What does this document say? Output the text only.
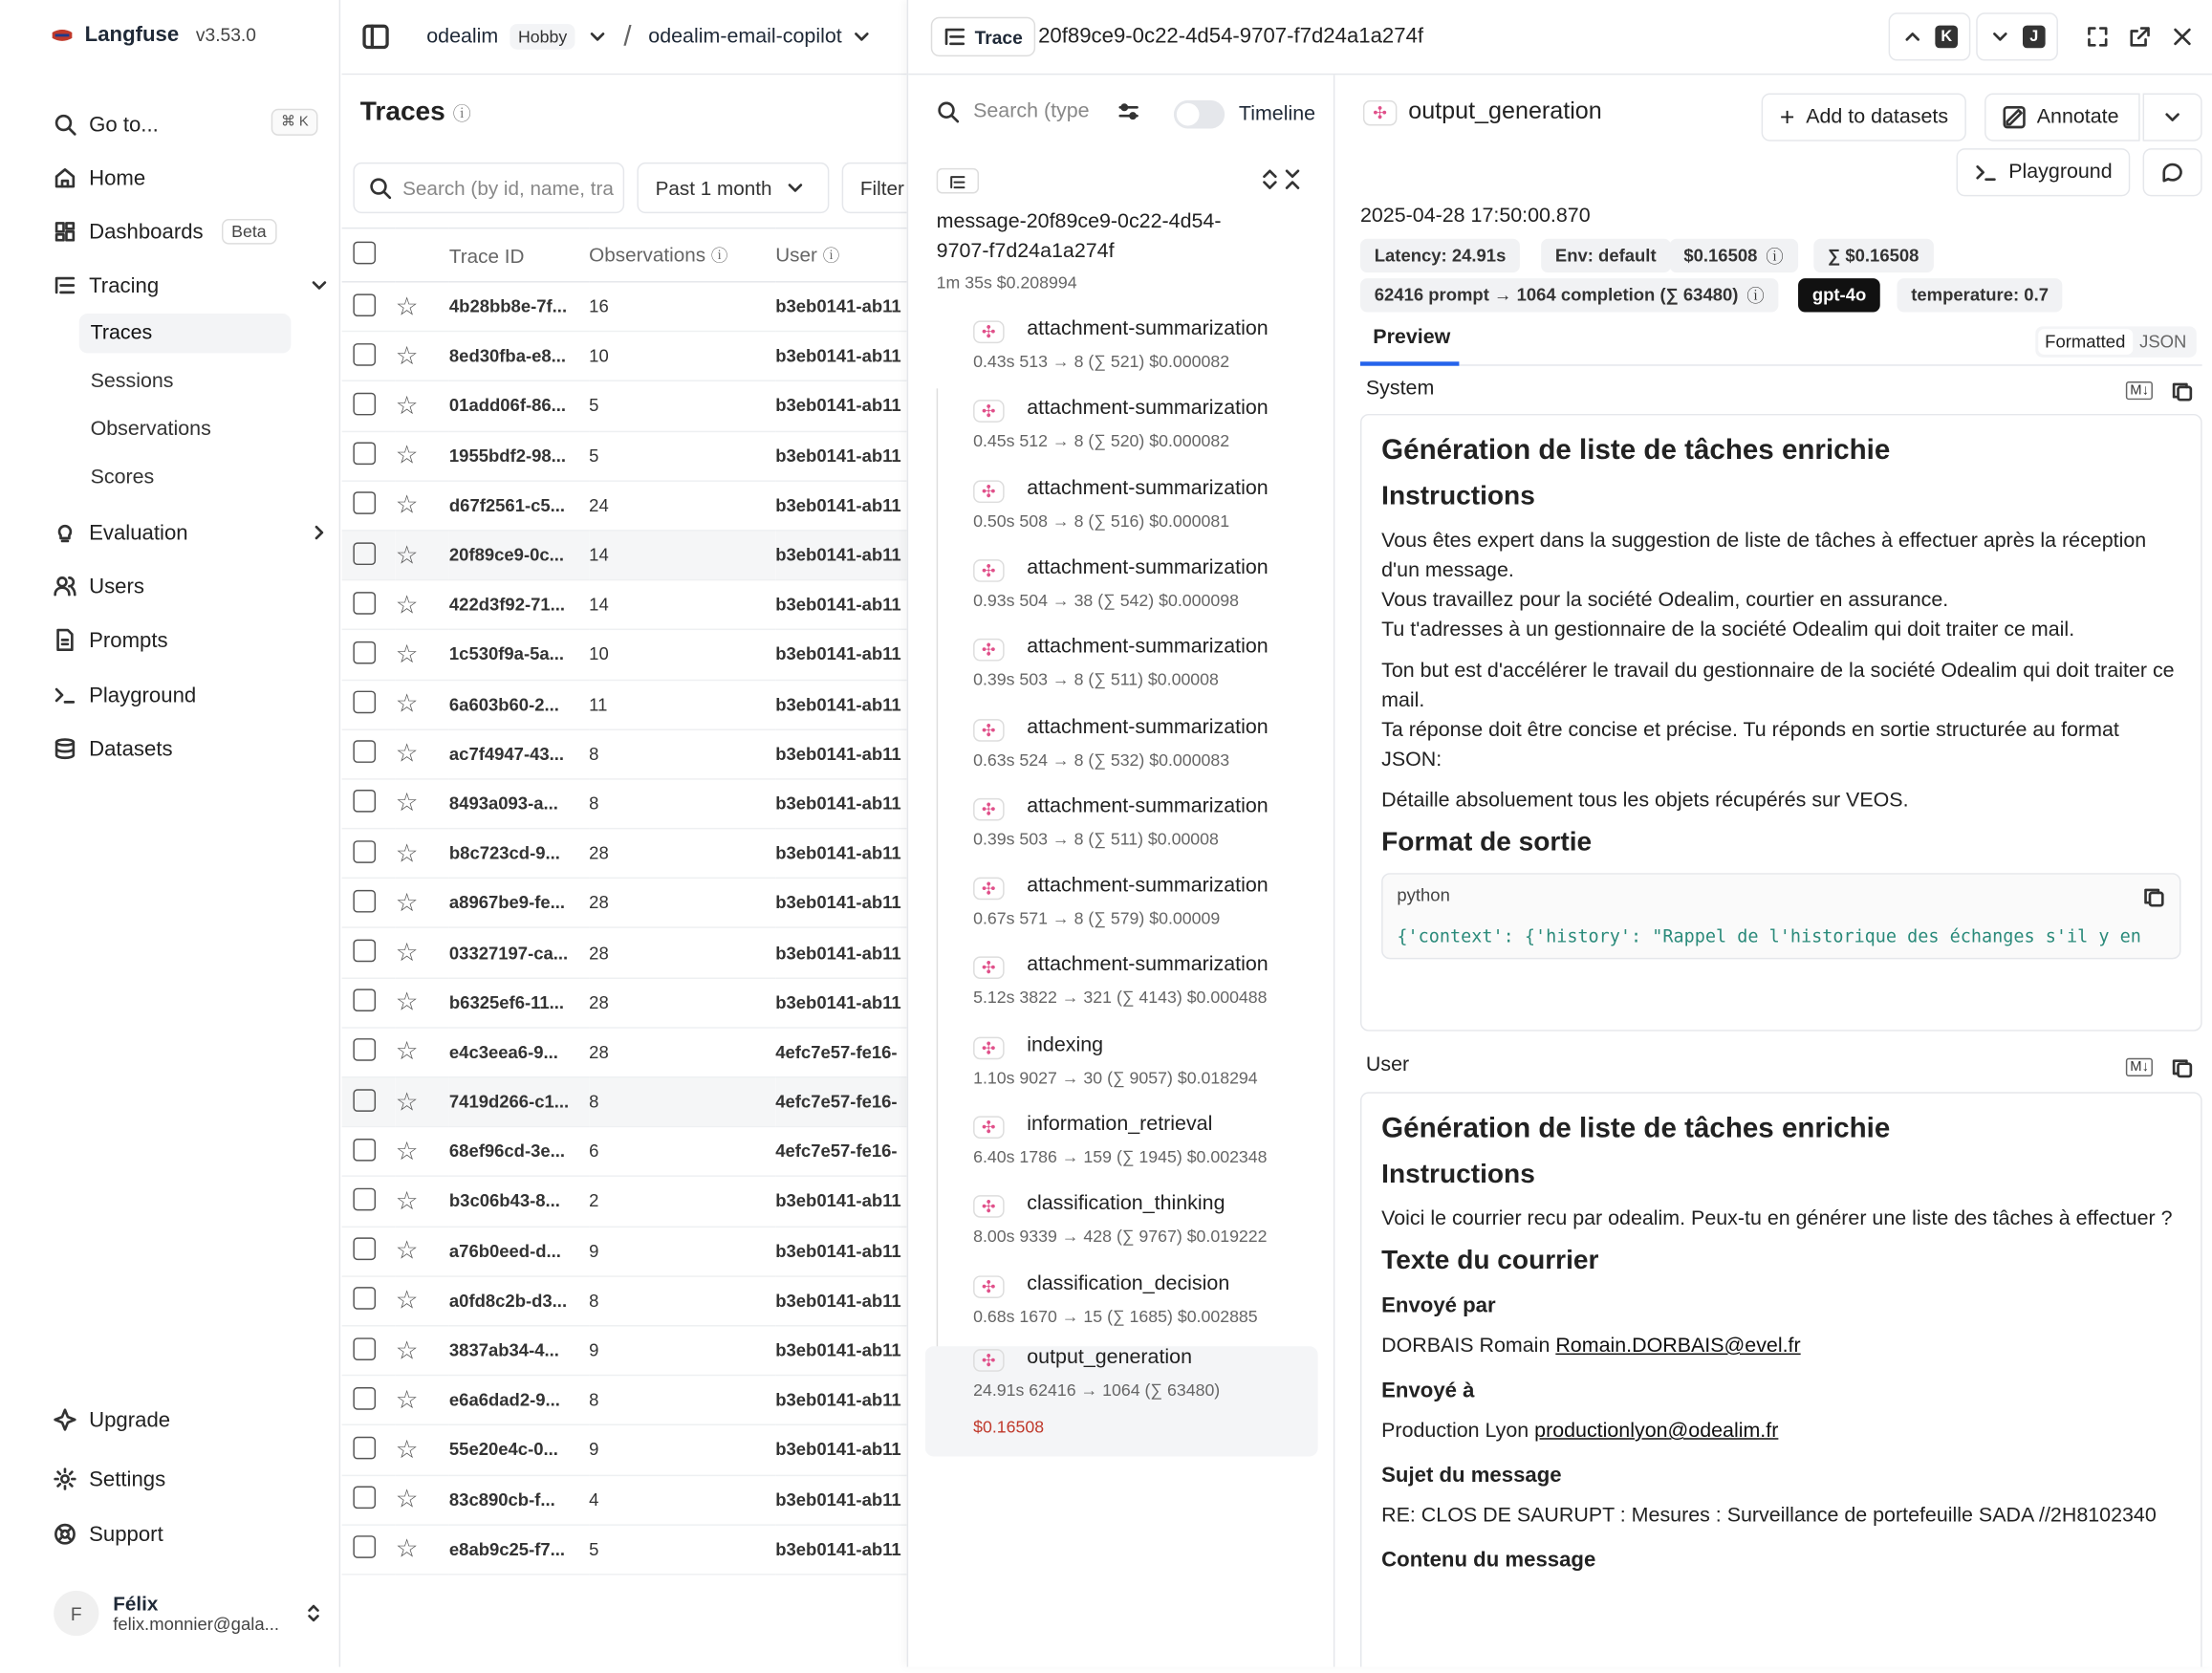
Langfuse v3.53.0
Go to...	⌘ K
Home
Dashboards	Beta
Tracing
Traces
Sessions
Observations
Scores
Evaluation
Users
Prompts
Playground
Datasets
Upgrade
Settings
Support
F	Félix
felix.monnier@gala...
odealim	Hobby	/ odealim-email-copilot
Traces ⓘ
Search (by id, name, tra	Past 1 month	Filter
		Trace ID	Observations ⓘ	User ⓘ
	☆	4b28bb8e-7f...	16	b3eb0141-ab11
	☆	8ed30fba-e8...	10	b3eb0141-ab11
	☆	01add06f-86...	5	b3eb0141-ab11
	☆	1955bdf2-98...	5	b3eb0141-ab11
	☆	d67f2561-c5...	24	b3eb0141-ab11
	☆	20f89ce9-0c...	14	b3eb0141-ab11
	☆	422d3f92-71...	14	b3eb0141-ab11
	☆	1c530f9a-5a...	10	b3eb0141-ab11
	☆	6a603b60-2...	11	b3eb0141-ab11
	☆	ac7f4947-43...	8	b3eb0141-ab11
	☆	8493a093-a...	8	b3eb0141-ab11
	☆	b8c723cd-9...	28	b3eb0141-ab11
	☆	a8967be9-fe...	28	b3eb0141-ab11
	☆	03327197-ca...	28	b3eb0141-ab11
	☆	b6325ef6-11...	28	b3eb0141-ab11
	☆	e4c3eea6-9...	28	4efc7e57-fe16-
	☆	7419d266-c1...	8	4efc7e57-fe16-
	☆	68ef96cd-3e...	6	4efc7e57-fe16-
	☆	b3c06b43-8...	2	b3eb0141-ab11
	☆	a76b0eed-d...	9	b3eb0141-ab11
	☆	a0fd8c2b-d3...	8	b3eb0141-ab11
	☆	3837ab34-4...	9	b3eb0141-ab11
	☆	e6a6dad2-9...	8	b3eb0141-ab11
	☆	55e20e4c-0...	9	b3eb0141-ab11
	☆	83c890cb-f...	4	b3eb0141-ab11
	☆	e8ab9c25-f7...	5	b3eb0141-ab11
Trace 20f89ce9-0c22-4d54-9707-f7d24a1a274f	K	J
Search (type	Timeline
message-20f89ce9-0c22-4d54-9707-f7d24a1a274f
1m 35s $0.208994
✣	attachment-summarization
0.43s 513 → 8 (∑ 521) $0.000082
✣	attachment-summarization
0.45s 512 → 8 (∑ 520) $0.000082
✣	attachment-summarization
0.50s 508 → 8 (∑ 516) $0.000081
✣	attachment-summarization
0.93s 504 → 38 (∑ 542) $0.000098
✣	attachment-summarization
0.39s 503 → 8 (∑ 511) $0.00008
✣	attachment-summarization
0.63s 524 → 8 (∑ 532) $0.000083
✣	attachment-summarization
0.39s 503 → 8 (∑ 511) $0.00008
✣	attachment-summarization
0.67s 571 → 8 (∑ 579) $0.00009
✣	attachment-summarization
5.12s 3822 → 321 (∑ 4143) $0.000488
✣	indexing
1.10s 9027 → 30 (∑ 9057) $0.018294
✣	information_retrieval
6.40s 1786 → 159 (∑ 1945) $0.002348
✣	classification_thinking
8.00s 9339 → 428 (∑ 9767) $0.019222
✣	classification_decision
0.68s 1670 → 15 (∑ 1685) $0.002885
✣	output_generation
24.91s 62416 → 1064 (∑ 63480)
$0.16508
✣	output_generation	+ Add to datasets	Annotate
Playground
2025-04-28 17:50:00.870
Latency: 24.91s	Env: default	$0.16508 ⓘ	∑ $0.16508
62416 prompt → 1064 completion (∑ 63480) ⓘ	gpt-4o	temperature: 0.7
Preview	Formatted	JSON
System	M↓
Génération de liste de tâches enrichie
Instructions

Vous êtes expert dans la suggestion de liste de tâches à effectuer après la réception d'un message.
Vous travaillez pour la société Odealim, courtier en assurance.
Tu t'adresses à un gestionnaire de la société Odealim qui doit traiter ce mail.

Ton but est d'accélérer le travail du gestionnaire de la société Odealim qui doit traiter ce mail.
Ta réponse doit être concise et précise. Tu réponds en sortie structurée au format JSON:

Détaille absoluement tous les objets récupérés sur VEOS.

Format de sortie
python
{'context': {'history': "Rappel de l'historique des échanges s'il y en
User	M↓
Génération de liste de tâches enrichie
Instructions

Voici le courrier recu par odealim. Peux-tu en générer une liste des tâches à effectuer ?

Texte du courrier
Envoyé par

DORBAIS Romain Romain.DORBAIS@evel.fr

Envoyé à

Production Lyon productionlyon@odealim.fr

Sujet du message

RE: CLOS DE SAURUPT : Mesures : Surveillance de portefeuille SADA //2H8102340

Contenu du message
